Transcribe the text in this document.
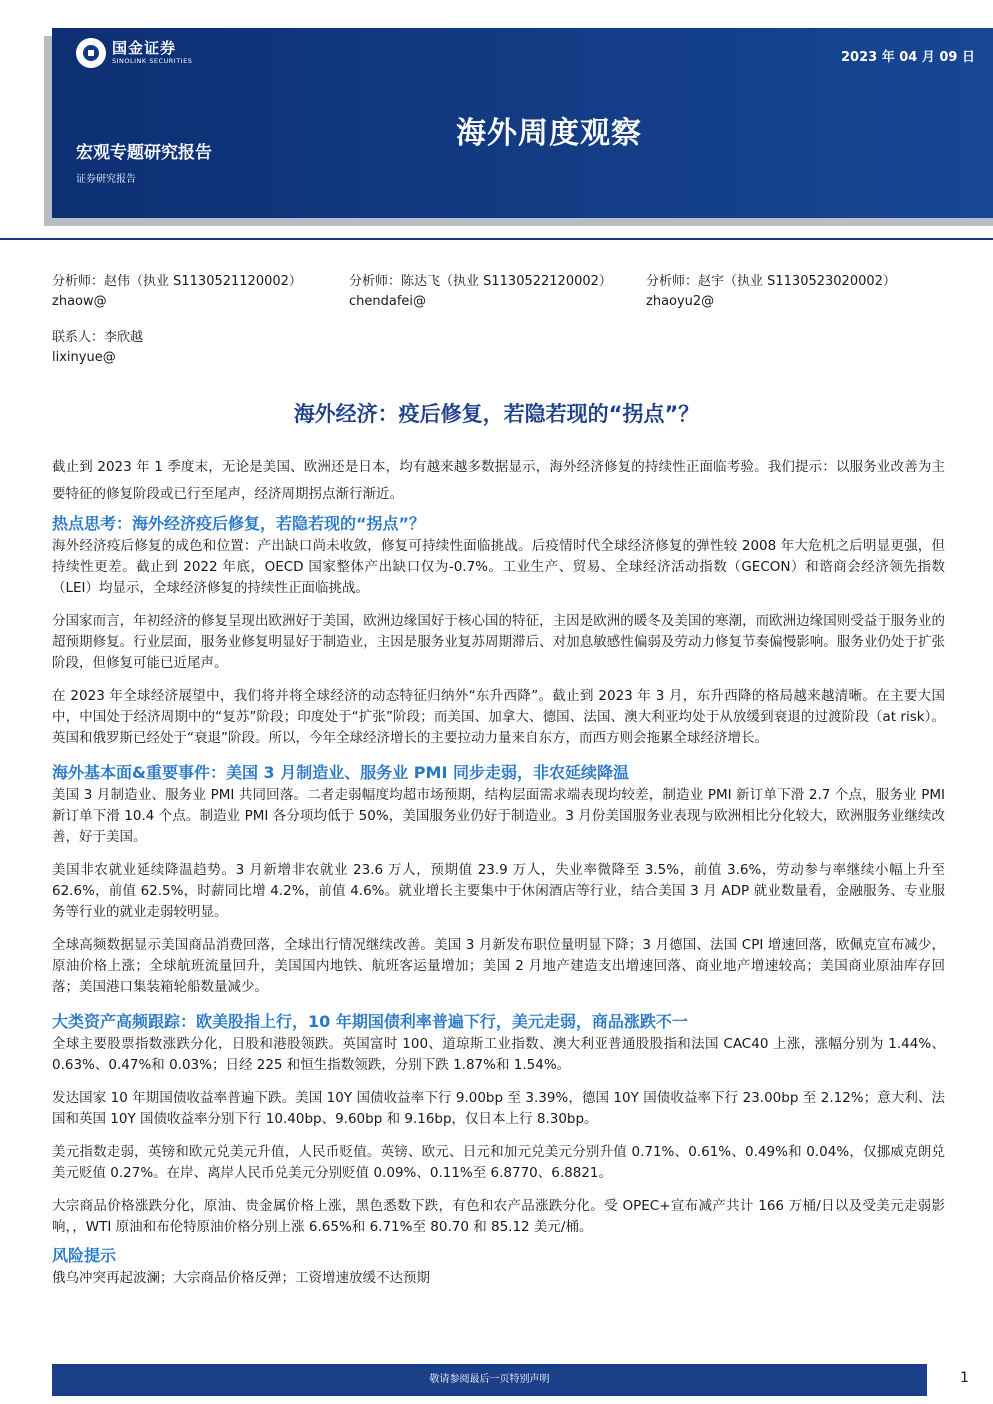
国金证券
SINOLINK SECURITIES	2023 年 04 月 09 日
海外周度观察
宏观专题研究报告
证券研究报告
分析师：赵伟（执业 S1130521120002）
zhaow@
分析师：陈达飞（执业 S1130522120002）
chendafei@
分析师：赵宇（执业 S1130523020002）
zhaoyu2@
联系人：李欣越
lixinyue@
海外经济：疫后修复，若隐若现的“拐点”？

截止到 2023 年 1 季度末，无论是美国、欧洲还是日本，均有越来越多数据显示，海外经济修复的持续性正面临考验。我们提示：以服务业改善为主要特征的修复阶段或已行至尾声，经济周期拐点渐行渐近。

热点思考：海外经济疫后修复，若隐若现的“拐点”？

海外经济疫后修复的成色和位置：产出缺口尚未收敛，修复可持续性面临挑战。后疫情时代全球经济修复的弹性较 2008 年大危机之后明显更强，但持续性更差。截止到 2022 年底，OECD 国家整体产出缺口仅为-0.7%。工业生产、贸易、全球经济活动指数（GECON）和谘商会经济领先指数（LEI）均显示，全球经济修复的持续性正面临挑战。

分国家而言，年初经济的修复呈现出欧洲好于美国，欧洲边缘国好于核心国的特征，主因是欧洲的暖冬及美国的寒潮，而欧洲边缘国则受益于服务业的超预期修复。行业层面，服务业修复明显好于制造业，主因是服务业复苏周期滞后、对加息敏感性偏弱及劳动力修复节奏偏慢影响。服务业仍处于扩张阶段，但修复可能已近尾声。

在 2023 年全球经济展望中，我们将并将全球经济的动态特征归纳外“东升西降”。截止到 2023 年 3 月，东升西降的格局越来越清晰。在主要大国中，中国处于经济周期中的“复苏”阶段；印度处于“扩张”阶段；而美国、加拿大、德国、法国、澳大利亚均处于从放缓到衰退的过渡阶段（at risk）。英国和俄罗斯已经处于“衰退”阶段。所以，今年全球经济增长的主要拉动力量来自东方，而西方则会拖累全球经济增长。

海外基本面&重要事件：美国 3 月制造业、服务业 PMI 同步走弱，非农延续降温

美国 3 月制造业、服务业 PMI 共同回落。二者走弱幅度均超市场预期，结构层面需求端表现均较差，制造业 PMI 新订单下滑 2.7 个点，服务业 PMI 新订单下滑 10.4 个点。制造业 PMI 各分项均低于 50%，美国服务业仍好于制造业。3 月份美国服务业表现与欧洲相比分化较大，欧洲服务业继续改善，好于美国。

美国非农就业延续降温趋势。3 月新增非农就业 23.6 万人，预期值 23.9 万人，失业率微降至 3.5%，前值 3.6%，劳动参与率继续小幅上升至 62.6%，前值 62.5%，时薪同比增 4.2%，前值 4.6%。就业增长主要集中于休闲酒店等行业，结合美国 3 月 ADP 就业数量看，金融服务、专业服务等行业的就业走弱较明显。

全球高频数据显示美国商品消费回落，全球出行情况继续改善。美国 3 月新发布职位量明显下降；3 月德国、法国 CPI 增速回落，欧佩克宣布减少，原油价格上涨；全球航班流量回升，美国国内地铁、航班客运量增加；美国 2 月地产建造支出增速回落、商业地产增速较高；美国商业原油库存回落；美国港口集装箱轮船数量减少。

大类资产高频跟踪：欧美股指上行，10 年期国债利率普遍下行，美元走弱，商品涨跌不一

全球主要股票指数涨跌分化，日股和港股领跌。英国富时 100、道琼斯工业指数、澳大利亚普通股股指和法国 CAC40 上涨，涨幅分别为 1.44%、0.63%、0.47%和 0.03%；日经 225 和恒生指数领跌，分别下跌 1.87%和 1.54%。

发达国家 10 年期国债收益率普遍下跌。美国 10Y 国债收益率下行 9.00bp 至 3.39%，德国 10Y 国债收益率下行 23.00bp 至 2.12%；意大利、法国和英国 10Y 国债收益率分别下行 10.40bp、9.60bp 和 9.16bp，仅日本上行 8.30bp。

美元指数走弱，英镑和欧元兑美元升值，人民币贬值。英镑、欧元、日元和加元兑美元分别升值 0.71%、0.61%、0.49%和 0.04%，仅挪威克朗兑美元贬值 0.27%。在岸、离岸人民币兑美元分别贬值 0.09%、0.11%至 6.8770、6.8821。

大宗商品价格涨跌分化，原油、贵金属价格上涨，黑色悉数下跌，有色和农产品涨跌分化。受 OPEC+宣布减产共计 166 万桶/日以及受美元走弱影响，，WTI 原油和布伦特原油价格分别上涨 6.65%和 6.71%至 80.70 和 85.12 美元/桶。

风险提示

俄乌冲突再起波澜；大宗商品价格反弹；工资增速放缓不达预期

敬请参阅最后一页特别声明	1
